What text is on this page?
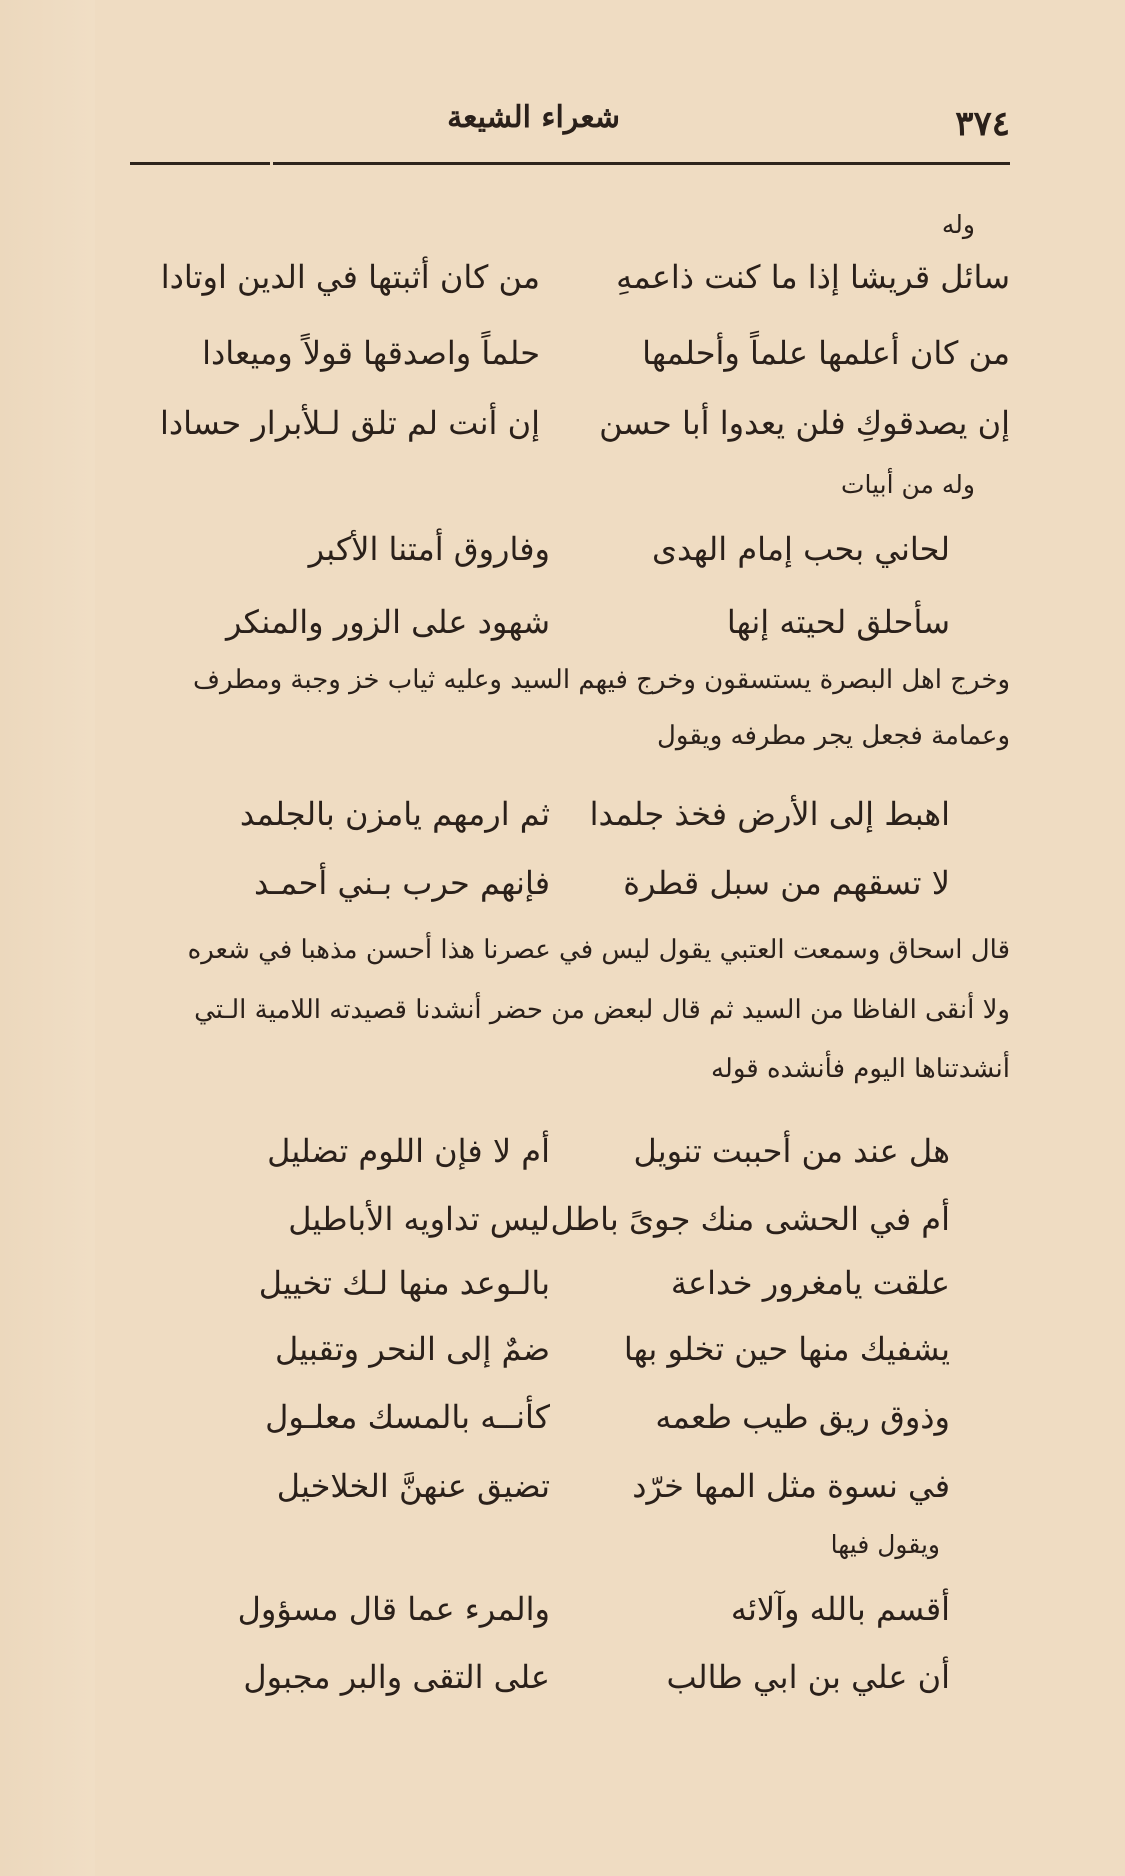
٣٧٤
شعراء الشيعة
وله
سائل قريشا إذا ما كنت ذاعمهِ
من كان أثبتها في الدين اوتادا
من كان أعلمها علماً وأحلمها
حلماً واصدقها قولاً وميعادا
إن يصدقوكِ فلن يعدوا أبا حسن
إن أنت لم تلق لـلأبرار حسادا
وله من أبيات
لحاني بحب إمام الهدى
وفاروق أمتنا الأكبر
سأحلق لحيته إنها
شهود على الزور والمنكر
وخرج اهل البصرة يستسقون وخرج فيهم السيد وعليه ثياب خز وجبة ومطرف
وعمامة فجعل يجر مطرفه ويقول
اهبط إلى الأرض فخذ جلمدا
ثم ارمهم يامزن بالجلمد
لا تسقهم من سبل قطرة
فإنهم حرب بـني أحمـد
قال اسحاق وسمعت العتبي يقول ليس في عصرنا هذا أحسن مذهبا في شعره
ولا أنقى الفاظا من السيد ثم قال لبعض من حضر أنشدنا قصيدته اللامية الـتي
أنشدتناها اليوم فأنشده قوله
هل عند من أحببت تنويل
أم لا فإن اللوم تضليل
أم في الحشى منك جوىً باطل
ليس تداويه الأباطيل
علقت يامغرور خداعة
بالـوعد منها لـك تخييل
يشفيك منها حين تخلو بها
ضمٌ إلى النحر وتقبيل
وذوق ريق طيب طعمه
كأنــه بالمسك معلـول
في نسوة مثل المها خرّد
تضيق عنهنَّ الخلاخيل
ويقول فيها
أقسم بالله وآلائه
والمرء عما قال مسؤول
أن علي بن ابي طالب
على التقى والبر مجبول
